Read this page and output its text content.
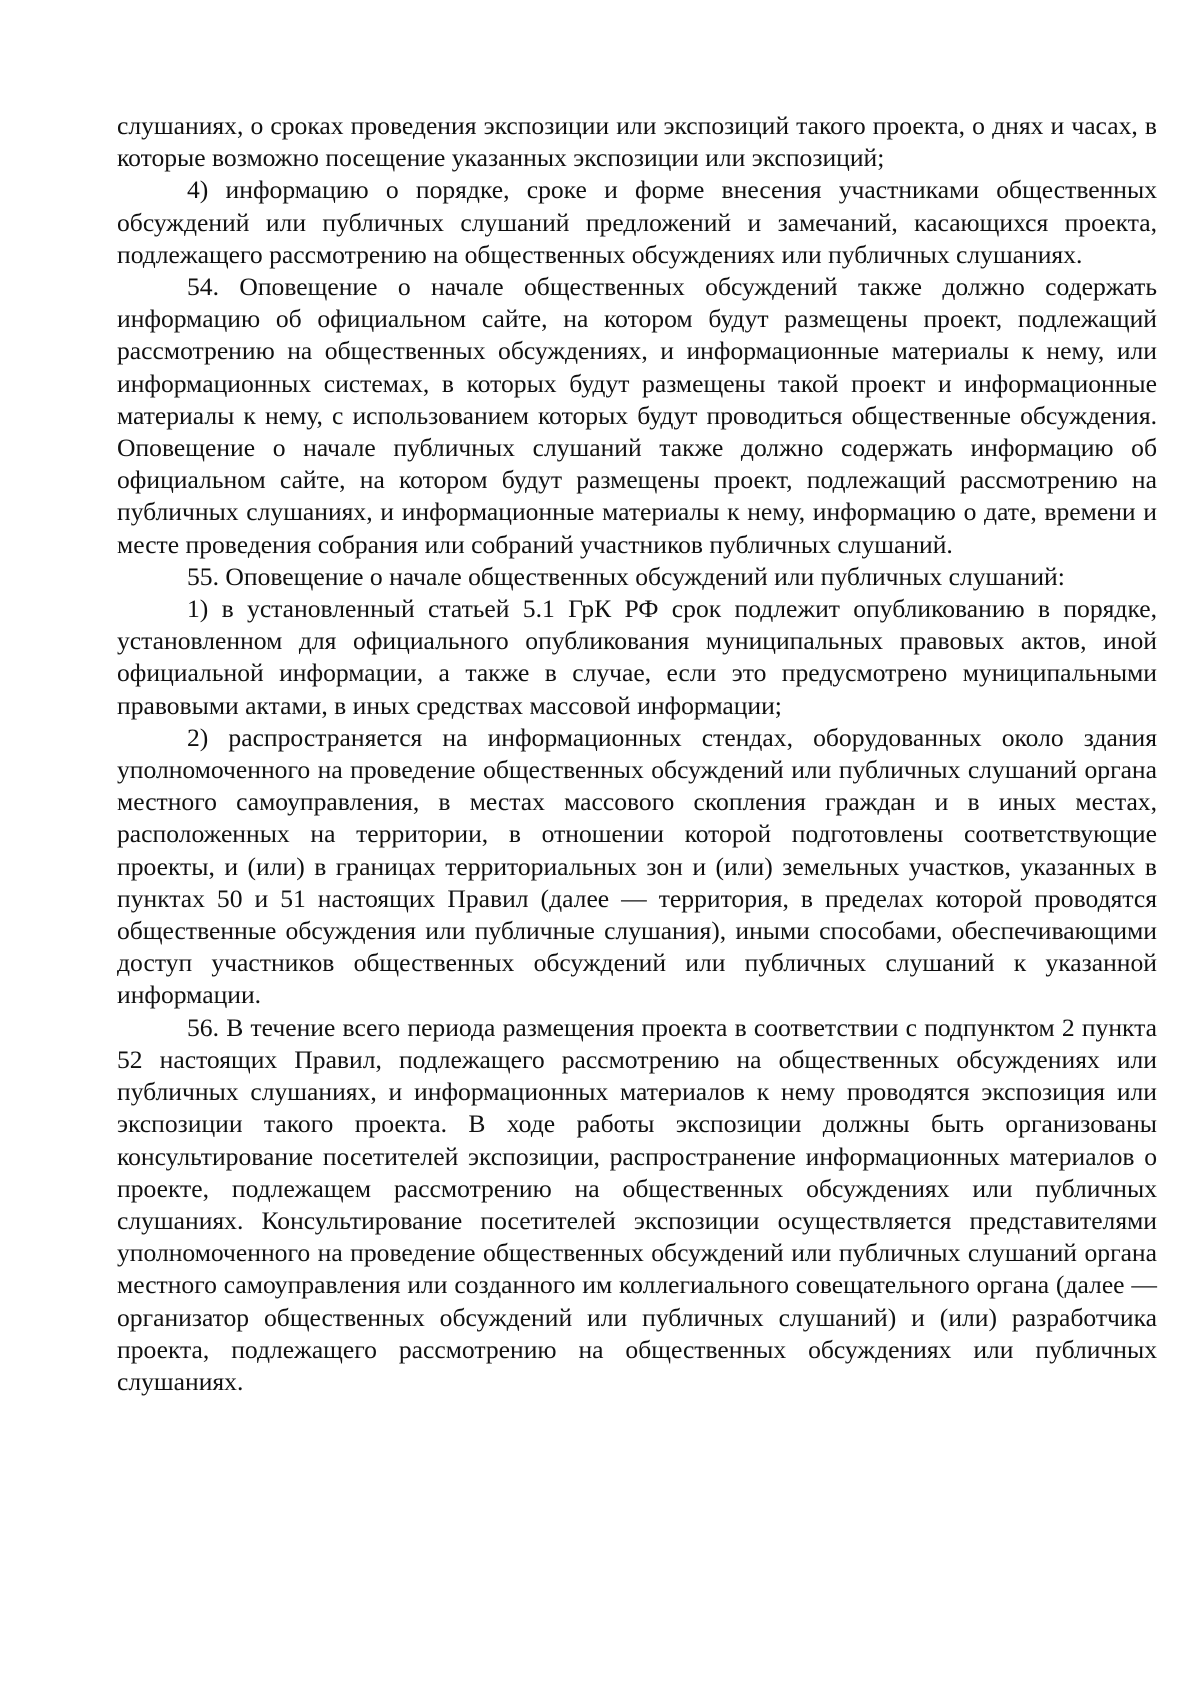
слушаниях, о сроках проведения экспозиции или экспозиций такого проекта, о днях и часах, в которые возможно посещение указанных экспозиции или экспозиций;

4) информацию о порядке, сроке и форме внесения участниками общественных обсуждений или публичных слушаний предложений и замечаний, касающихся проекта, подлежащего рассмотрению на общественных обсуждениях или публичных слушаниях.

54. Оповещение о начале общественных обсуждений также должно содержать информацию об официальном сайте, на котором будут размещены проект, подлежащий рассмотрению на общественных обсуждениях, и информационные материалы к нему, или информационных системах, в которых будут размещены такой проект и информационные материалы к нему, с использованием которых будут проводиться общественные обсуждения. Оповещение о начале публичных слушаний также должно содержать информацию об официальном сайте, на котором будут размещены проект, подлежащий рассмотрению на публичных слушаниях, и информационные материалы к нему, информацию о дате, времени и месте проведения собрания или собраний участников публичных слушаний.

55. Оповещение о начале общественных обсуждений или публичных слушаний:

1) в установленный статьей 5.1 ГрК РФ срок подлежит опубликованию в порядке, установленном для официального опубликования муниципальных правовых актов, иной официальной информации, а также в случае, если это предусмотрено муниципальными правовыми актами, в иных средствах массовой информации;

2) распространяется на информационных стендах, оборудованных около здания уполномоченного на проведение общественных обсуждений или публичных слушаний органа местного самоуправления, в местах массового скопления граждан и в иных местах, расположенных на территории, в отношении которой подготовлены соответствующие проекты, и (или) в границах территориальных зон и (или) земельных участков, указанных в пунктах 50 и 51 настоящих Правил (далее — территория, в пределах которой проводятся общественные обсуждения или публичные слушания), иными способами, обеспечивающими доступ участников общественных обсуждений или публичных слушаний к указанной информации.

56. В течение всего периода размещения проекта в соответствии с подпунктом 2 пункта 52 настоящих Правил, подлежащего рассмотрению на общественных обсуждениях или публичных слушаниях, и информационных материалов к нему проводятся экспозиция или экспозиции такого проекта. В ходе работы экспозиции должны быть организованы консультирование посетителей экспозиции, распространение информационных материалов о проекте, подлежащем рассмотрению на общественных обсуждениях или публичных слушаниях. Консультирование посетителей экспозиции осуществляется представителями уполномоченного на проведение общественных обсуждений или публичных слушаний органа местного самоуправления или созданного им коллегиального совещательного органа (далее — организатор общественных обсуждений или публичных слушаний) и (или) разработчика проекта, подлежащего рассмотрению на общественных обсуждениях или публичных слушаниях.
